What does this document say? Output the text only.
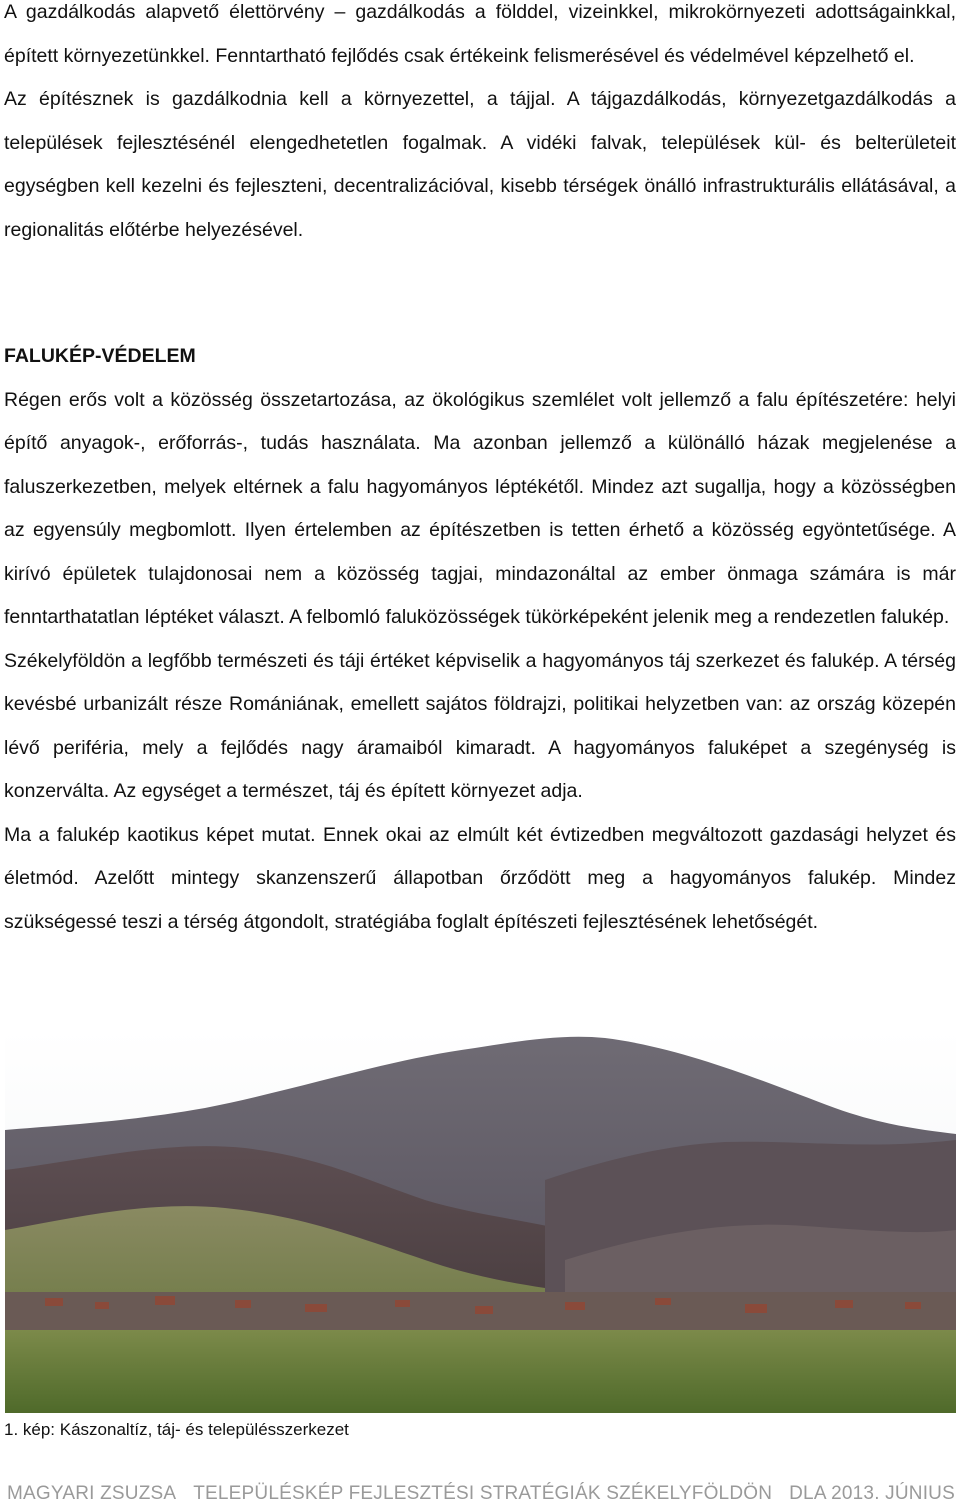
A gazdálkodás alapvető élettörvény – gazdálkodás a földdel, vizeinkkel, mikrokörnyezeti adottságainkkal, épített környezetünkkel. Fenntartható fejlődés csak értékeink felismerésével és védelmével képzelhető el.

Az építésznek is gazdálkodnia kell a környezettel, a tájjal. A tájgazdálkodás, környezetgazdálkodás a települések fejlesztésénél elengedhetetlen fogalmak. A vidéki falvak, települések kül- és belterületeit egységben kell kezelni és fejleszteni, decentralizációval, kisebb térségek önálló infrastrukturális ellátásával, a regionalitás előtérbe helyezésével.

FALUKÉP-VÉDELEM

Régen erős volt a közösség összetartozása, az ökológikus szemlélet volt jellemző a falu építészetére: helyi építő anyagok-, erőforrás-, tudás használata. Ma azonban jellemző a különálló házak megjelenése a faluszerkezetben, melyek eltérnek a falu hagyományos léptékétől. Mindez azt sugallja, hogy a közösségben az egyensúly megbomlott. Ilyen értelemben az építészetben is tetten érhető a közösség egyöntetűsége. A kirívó épületek tulajdonosai nem a közösség tagjai, mindazonáltal az ember önmaga számára is már fenntarthatatlan léptéket választ. A felbomló faluközösségek tükörképeként jelenik meg a rendezetlen falukép.

Székelyföldön a legfőbb természeti és táji értéket képviselik a hagyományos táj szerkezet és falukép. A térség kevésbé urbanizált része Romániának, emellett sajátos földrajzi, politikai helyzetben van: az ország közepén lévő periféria, mely a fejlődés nagy áramaiból kimaradt. A hagyományos faluképet a szegénység is konzerválta. Az egységet a természet, táj és épített környezet adja.

Ma a falukép kaotikus képet mutat. Ennek okai az elmúlt két évtizedben megváltozott gazdasági helyzet és életmód. Azelőtt mintegy skanzenszerű állapotban őrződött meg a hagyományos falukép. Mindez szükségessé teszi a térség átgondolt, stratégiába foglalt építészeti fejlesztésének lehetőségét.

1. kép: Kászonaltíz, táj- és településszerkezet
MAGYARI ZSUZSA TELEPÜLÉSKÉP FEJLESZTÉSI STRATÉGIÁK SZÉKELYFÖLDÖN DLA 2013. JÚNIUS
